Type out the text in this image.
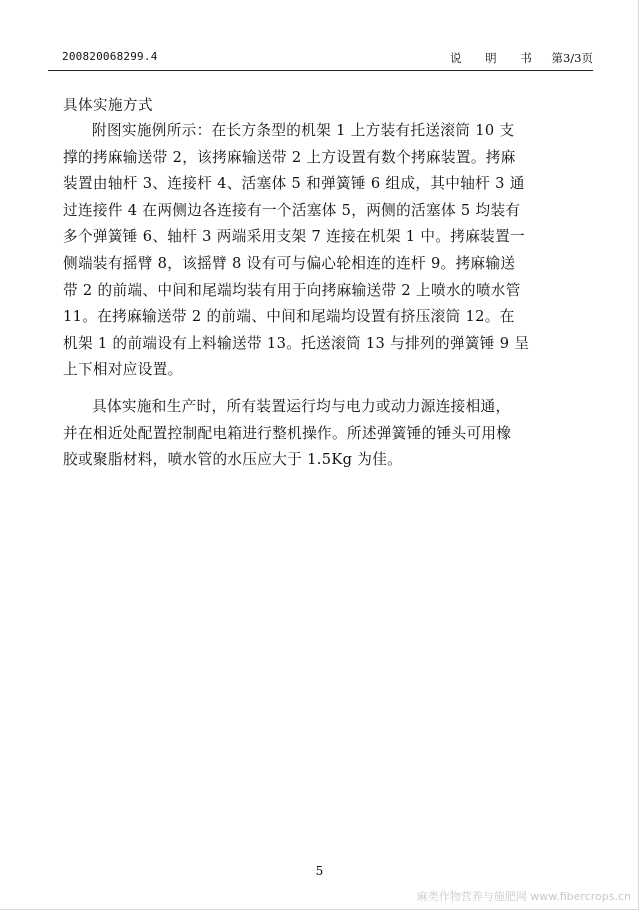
200820068299.4	说 明 书 第3/3页
具体实施方式
附图实施例所示：在长方条型的机架 1 上方装有托送滚筒 10 支
撑的拷麻输送带 2，该拷麻输送带 2 上方设置有数个拷麻装置。拷麻
装置由轴杆 3、连接杆 4、活塞体 5 和弹簧锤 6 组成，其中轴杆 3 通
过连接件 4 在两侧边各连接有一个活塞体 5，两侧的活塞体 5 均装有
多个弹簧锤 6、轴杆 3 两端采用支架 7 连接在机架 1 中。拷麻装置一
侧端装有摇臂 8，该摇臂 8 设有可与偏心轮相连的连杆 9。拷麻输送
带 2 的前端、中间和尾端均装有用于向拷麻输送带 2 上喷水的喷水管
11。在拷麻输送带 2 的前端、中间和尾端均设置有挤压滚筒 12。在
机架 1 的前端设有上料输送带 13。托送滚筒 13 与排列的弹簧锤 9 呈
上下相对应设置。
具体实施和生产时，所有装置运行均与电力或动力源连接相通，
并在相近处配置控制配电箱进行整机操作。所述弹簧锤的锤头可用橡
胶或聚脂材料，喷水管的水压应大于 1.5Kg 为佳。
5
麻类作物营养与施肥网 www.fibercrops.cn
